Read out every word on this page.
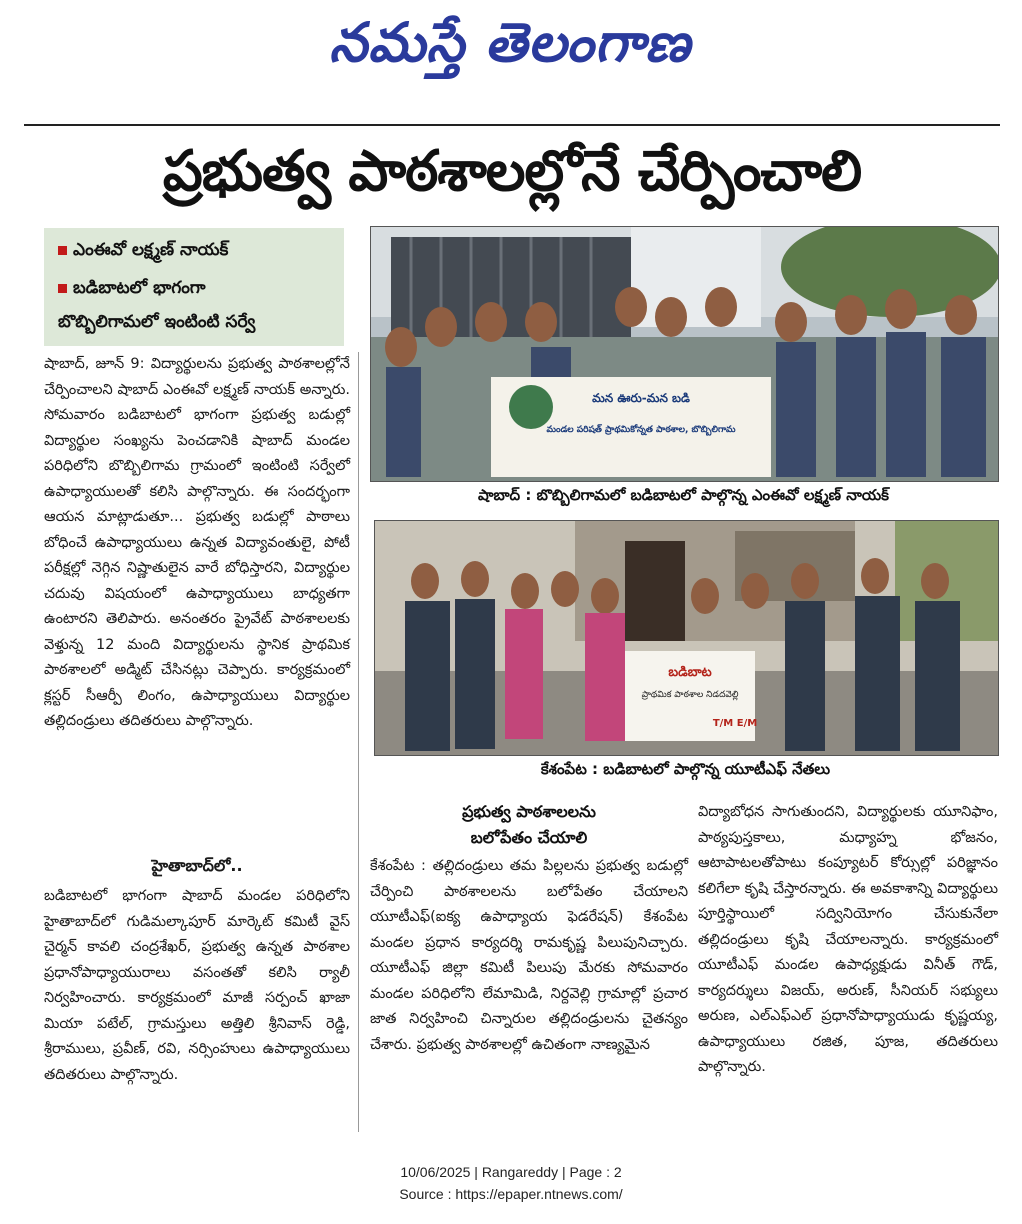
నమస్తే తెలంగాణ
ప్రభుత్వ పాఠశాలల్లోనే చేర్పించాలి
ఎంఈవో లక్ష్మణ్ నాయక్
బడిబాటలో భాగంగా
బొబ్బిలిగామలో ఇంటింటి సర్వే
మన ఊరు-మన బడి
మండల పరిషత్ ప్రాథమికోన్నత పాఠశాల, బొబ్బిలిగామ
షాబాద్ : బొబ్బిలిగామలో బడిబాటలో పాల్గొన్న ఎంఈవో లక్ష్మణ్ నాయక్
బడిబాట
ప్రాథమిక పాఠశాల నిడదవెల్లి
T/M E/M
కేశంపేట : బడిబాటలో పాల్గొన్న యూటీఎఫ్ నేతలు

షాబాద్, జూన్ 9: విద్యార్థులను ప్రభుత్వ పాఠశాలల్లోనే చేర్పించాలని షాబాద్ ఎంఈవో లక్ష్మణ్ నాయక్ అన్నారు. సోమవారం బడిబాటలో భాగంగా ప్రభుత్వ బడుల్లో విద్యార్థుల సంఖ్యను పెంచడానికి షాబాద్ మండల పరిధిలోని బొబ్బిలిగామ గ్రామంలో ఇంటింటి సర్వేలో ఉపాధ్యాయులతో కలిసి పాల్గొన్నారు. ఈ సందర్భంగా ఆయన మాట్లాడుతూ... ప్రభుత్వ బడుల్లో పాఠాలు బోధించే ఉపాధ్యాయులు ఉన్నత విద్యావంతులై, పోటీ పరీక్షల్లో నెగ్గిన నిష్ణాతులైన వారే బోధిస్తారని, విద్యార్థుల చదువు విషయంలో ఉపాధ్యాయులు బాధ్యతగా ఉంటారని తెలిపారు. అనంతరం ప్రైవేట్ పాఠశాలలకు వెళ్తున్న 12 మంది విద్యార్థులను స్థానిక ప్రాథమిక పాఠశాలలో అడ్మిట్ చేసినట్లు చెప్పారు. కార్యక్రమంలో క్లస్టర్ సీఆర్పీ లింగం, ఉపాధ్యాయులు విద్యార్థుల తల్లిదండ్రులు తదితరులు పాల్గొన్నారు.

హైతాబాద్‌లో..

బడిబాటలో భాగంగా షాబాద్ మండల పరిధిలోని హైతాబాద్‌లో గుడిమల్కాపూర్ మార్కెట్ కమిటీ వైస్ చైర్మన్ కావలి చంద్రశేఖర్, ప్రభుత్వ ఉన్నత పాఠశాల ప్రధానోపాధ్యాయురాలు వసంతతో కలిసి ర్యాలీ నిర్వహించారు. కార్యక్రమంలో మాజీ సర్పంచ్ ఖాజా మియా పటేల్, గ్రామస్తులు అత్తిలి శ్రీనివాస్ రెడ్డి, శ్రీరాములు, ప్రవీణ్, రవి, నర్సింహులు ఉపాధ్యాయులు తదితరులు పాల్గొన్నారు.

ప్రభుత్వ పాఠశాలలను
బలోపేతం చేయాలి

కేశంపేట : తల్లిదండ్రులు తమ పిల్లలను ప్రభుత్వ బడుల్లో చేర్పించి పాఠశాలలను బలోపేతం చేయాలని యూటీఎఫ్(ఐక్య ఉపాధ్యాయ ఫెడరేషన్) కేశంపేట మండల ప్రధాన కార్యదర్శి రామకృష్ణ పిలుపునిచ్చారు. యూటీఎఫ్ జిల్లా కమిటీ పిలుపు మేరకు సోమవారం మండల పరిధిలోని లేమామిడి, నిర్దవెల్లి గ్రామాల్లో ప్రచార జాత నిర్వహించి చిన్నారుల తల్లిదండ్రులను చైతన్యం చేశారు. ప్రభుత్వ పాఠశాలల్లో ఉచితంగా నాణ్యమైన

విద్యాబోధన సాగుతుందని, విద్యార్థులకు యూనిఫాం, పాఠ్యపుస్తకాలు, మధ్యాహ్న భోజనం, ఆటాపాటలతోపాటు కంప్యూటర్ కోర్సుల్లో పరిజ్ఞానం కలిగేలా కృషి చేస్తారన్నారు. ఈ అవకాశాన్ని విద్యార్థులు పూర్తిస్థాయిలో సద్వినియోగం చేసుకునేలా తల్లిదండ్రులు కృషి చేయాలన్నారు. కార్యక్రమంలో యూటీఎఫ్ మండల ఉపాధ్యక్షుడు వినీత్ గౌడ్, కార్యదర్శులు విజయ్, అరుణ్, సీనియర్ సభ్యులు అరుణ, ఎల్ఎఫ్ఎల్ ప్రధానోపాధ్యాయుడు కృష్ణయ్య, ఉపాధ్యాయులు రజిత, పూజ, తదితరులు పాల్గొన్నారు.

10/06/2025 | Rangareddy | Page : 2
Source : https://epaper.ntnews.com/
